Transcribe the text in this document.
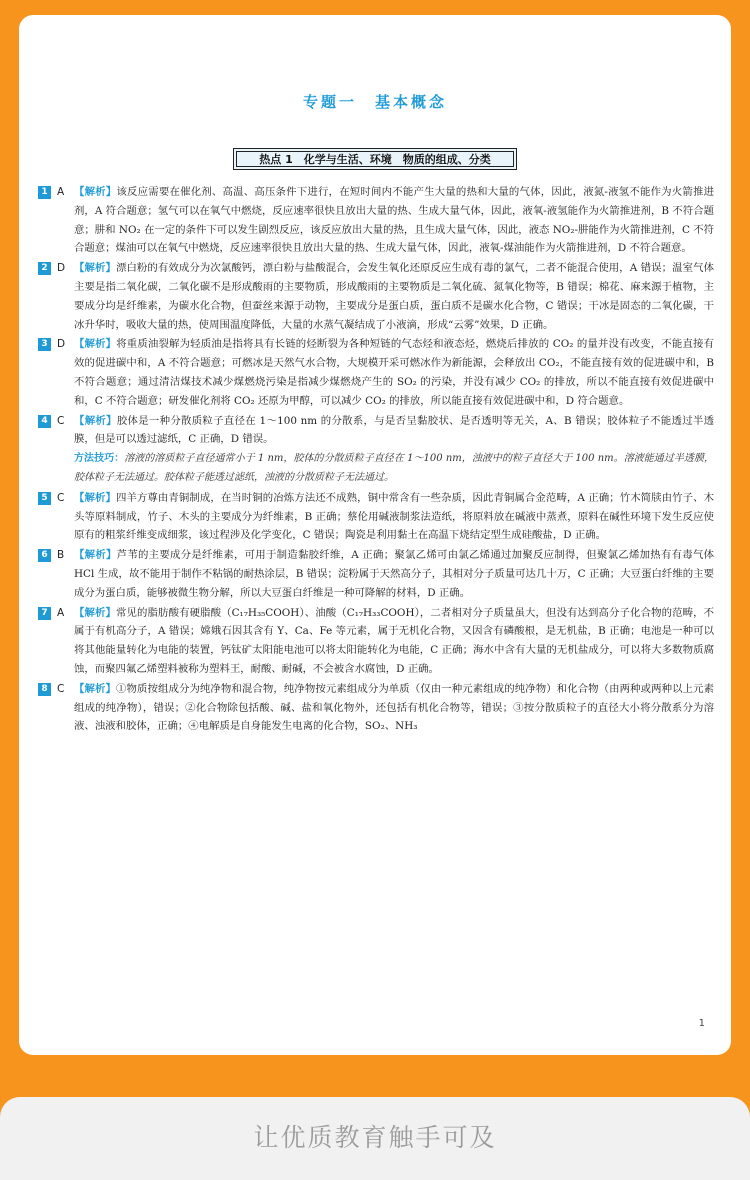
专题一　基本概念
热点 1　化学与生活、环境　物质的组成、分类
1 A 【解析】该反应需要在催化剂、高温、高压条件下进行，在短时间内不能产生大量的热和大量的气体，因此，液氮-液氢不能作为火箭推进剂，A 符合题意；氢气可以在氧气中燃烧，反应速率很快且放出大量的热、生成大量气体，因此，液氧-液氢能作为火箭推进剂，B 不符合题意；肼和 NO₂ 在一定的条件下可以发生剧烈反应，该反应放出大量的热，且生成大量气体，因此，液态 NO₂-肼能作为火箭推进剂，C 不符合题意；煤油可以在氧气中燃烧，反应速率很快且放出大量的热、生成大量气体，因此，液氧-煤油能作为火箭推进剂，D 不符合题意。
2 D 【解析】漂白粉的有效成分为次氯酸钙，漂白粉与盐酸混合，会发生氧化还原反应生成有毒的氯气，二者不能混合使用，A 错误；温室气体主要是指二氧化碳，二氧化碳不是形成酸雨的主要物质，形成酸雨的主要物质是二氧化硫、氮氧化物等，B 错误；棉花、麻来源于植物，主要成分均是纤维素，为碳水化合物，但蚕丝来源于动物，主要成分是蛋白质，蛋白质不是碳水化合物，C 错误；干冰是固态的二氧化碳，干冰升华时，吸收大量的热，使周围温度降低，大量的水蒸气凝结成了小液滴，形成“云雾”效果，D 正确。
3 D 【解析】将重质油裂解为轻质油是指将具有长链的烃断裂为各种短链的气态烃和液态烃，燃烧后排放的 CO₂ 的量并没有改变，不能直接有效的促进碳中和，A 不符合题意；可燃冰是天然气水合物，大规模开采可燃冰作为新能源，会释放出 CO₂，不能直接有效的促进碳中和，B 不符合题意；通过清洁煤技术减少煤燃烧污染是指减少煤燃烧产生的 SO₂ 的污染，并没有减少 CO₂ 的排放，所以不能直接有效促进碳中和，C 不符合题意；研发催化剂将 CO₂ 还原为甲醇，可以减少 CO₂ 的排放，所以能直接有效促进碳中和，D 符合题意。
4 C 【解析】胶体是一种分散质粒子直径在 1～100 nm 的分散系，与是否呈黏胶状、是否透明等无关，A、B 错误；胶体粒子不能透过半透膜，但是可以透过滤纸，C 正确，D 错误。
方法技巧：溶液的溶质粒子直径通常小于 1 nm，胶体的分散质粒子直径在 1～100 nm，浊液中的粒子直径大于 100 nm。溶液能通过半透膜，胶体粒子无法通过。胶体粒子能透过滤纸，浊液的分散质粒子无法通过。
5 C 【解析】四羊方尊由青铜制成，在当时铜的冶炼方法还不成熟，铜中常含有一些杂质，因此青铜属合金范畴，A 正确；竹木简牍由竹子、木头等原料制成，竹子、木头的主要成分为纤维素，B 正确；蔡伦用碱液制浆法造纸，将原料放在碱液中蒸煮，原料在碱性环境下发生反应使原有的粗浆纤维变成细浆，该过程涉及化学变化，C 错误；陶瓷是利用黏土在高温下烧结定型生成硅酸盐，D 正确。
6 B 【解析】芦苇的主要成分是纤维素，可用于制造黏胶纤维，A 正确；聚氯乙烯可由氯乙烯通过加聚反应制得，但聚氯乙烯加热有有毒气体 HCl 生成，故不能用于制作不粘锅的耐热涂层，B 错误；淀粉属于天然高分子，其相对分子质量可达几十万，C 正确；大豆蛋白纤维的主要成分为蛋白质，能够被微生物分解，所以大豆蛋白纤维是一种可降解的材料，D 正确。
7 A 【解析】常见的脂肪酸有硬脂酸（C₁₇H₃₅COOH）、油酸（C₁₇H₃₃COOH），二者相对分子质量虽大，但没有达到高分子化合物的范畴，不属于有机高分子，A 错误；嫦娥石因其含有 Y、Ca、Fe 等元素，属于无机化合物，又因含有磷酸根，是无机盐，B 正确；电池是一种可以将其他能量转化为电能的装置，钙钛矿太阳能电池可以将太阳能转化为电能，C 正确；海水中含有大量的无机盐成分，可以将大多数物质腐蚀，而聚四氟乙烯塑料被称为塑料王，耐酸、耐碱，不会被含水腐蚀，D 正确。
8 C 【解析】①物质按组成分为纯净物和混合物，纯净物按元素组成分为单质（仅由一种元素组成的纯净物）和化合物（由两种或两种以上元素组成的纯净物），错误；②化合物除包括酸、碱、盐和氧化物外，还包括有机化合物等，错误；③按分散质粒子的直径大小将分散系分为溶液、浊液和胶体，正确；④电解质是自身能发生电离的化合物，SO₂、NH₃
1
让优质教育触手可及
